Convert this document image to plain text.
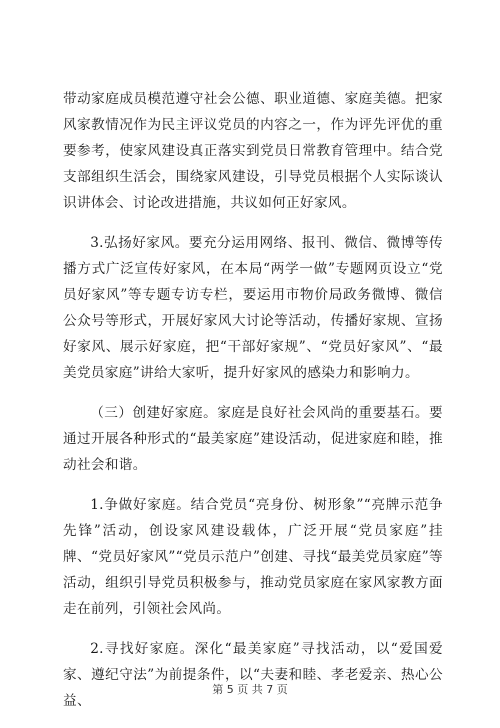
带动家庭成员模范遵守社会公德、职业道德、家庭美德。把家风家教情况作为民主评议党员的内容之一，作为评先评优的重要参考，使家风建设真正落实到党员日常教育管理中。结合党支部组织生活会，围绕家风建设，引导党员根据个人实际谈认识讲体会、讨论改进措施，共议如何正好家风。

3.弘扬好家风。要充分运用网络、报刊、微信、微博等传播方式广泛宣传好家风，在本局“两学一做”专题网页设立“党员好家风”等专题专访专栏，要运用市物价局政务微博、微信公众号等形式，开展好家风大讨论等活动，传播好家规、宣扬好家风、展示好家庭，把“干部好家规”、“党员好家风”、“最美党员家庭”讲给大家听，提升好家风的感染力和影响力。

（三）创建好家庭。家庭是良好社会风尚的重要基石。要通过开展各种形式的“最美家庭”建设活动，促进家庭和睦，推动社会和谐。

1.争做好家庭。结合党员“亮身份、树形象”“亮牌示范争先锋”活动，创设家风建设载体，广泛开展“党员家庭”挂牌、“党员好家风”“党员示范户”创建、寻找“最美党员家庭”等活动，组织引导党员积极参与，推动党员家庭在家风家教方面走在前列，引领社会风尚。

2.寻找好家庭。深化“最美家庭”寻找活动，以“爱国爱家、遵纪守法”为前提条件，以“夫妻和睦、孝老爱亲、热心公益、

第 5 页 共 7 页
